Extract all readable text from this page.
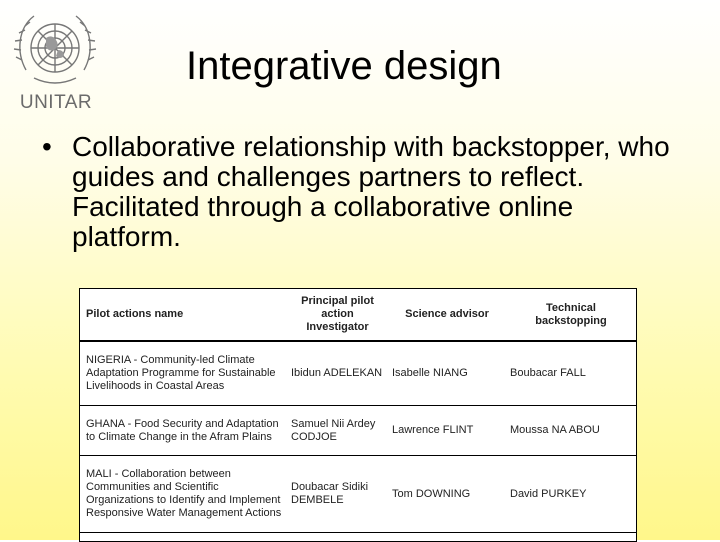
UNITAR
Integrative design
• Collaborative relationship with backstopper, who guides and challenges partners to reflect. Facilitated through a collaborative online platform.
Pilot actions name	Principal pilot action Investigator	Science advisor	Technical backstopping
NIGERIA - Community-led Climate Adaptation Programme for Sustainable Livelihoods in Coastal Areas	Ibidun ADELEKAN	Isabelle NIANG	Boubacar FALL
GHANA - Food Security and Adaptation to Climate Change in the Afram Plains	Samuel Nii Ardey CODJOE	Lawrence FLINT	Moussa NA ABOU
MALI - Collaboration between Communities and Scientific Organizations to Identify and Implement Responsive Water Management Actions	Doubacar Sidiki DEMBELE	Tom DOWNING	David PURKEY
